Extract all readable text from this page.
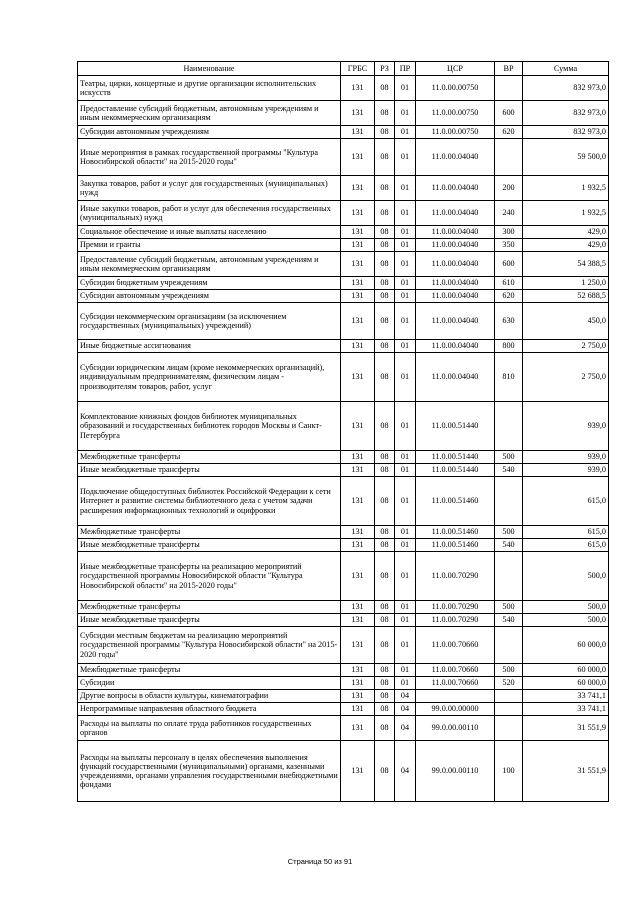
Наименование	ГРБС	РЗ	ПР	ЦСР	ВР	Сумма
Театры, цирки, концертные и другие организации исполнительских искусств	131	08	01	11.0.00.00750		832 973,0
Предоставление субсидий бюджетным, автономным учреждениям и иным некоммерческим организациям	131	08	01	11.0.00.00750	600	832 973,0
Субсидии автономным учреждениям	131	08	01	11.0.00.00750	620	832 973,0
Иные мероприятия в рамках государственной программы "Культура Новосибирской области" на 2015-2020 годы"	131	08	01	11.0.00.04040		59 500,0
Закупка товаров, работ и услуг для государственных (муниципальных) нужд	131	08	01	11.0.00.04040	200	1 932,5
Иные закупки товаров, работ и услуг для обеспечения государственных (муниципальных) нужд	131	08	01	11.0.00.04040	240	1 932,5
Социальное обеспечение и иные выплаты населению	131	08	01	11.0.00.04040	300	429,0
Премии и гранты	131	08	01	11.0.00.04040	350	429,0
Предоставление субсидий бюджетным, автономным учреждениям и иным некоммерческим организациям	131	08	01	11.0.00.04040	600	54 388,5
Субсидии бюджетным учреждениям	131	08	01	11.0.00.04040	610	1 250,0
Субсидии автономным учреждениям	131	08	01	11.0.00.04040	620	52 688,5
Субсидии некоммерческим организациям (за исключением государственных (муниципальных) учреждений)	131	08	01	11.0.00.04040	630	450,0
Иные бюджетные ассигнования	131	08	01	11.0.00.04040	800	2 750,0
Субсидии юридическим лицам (кроме некоммерческих организаций), индивидуальным предпринимателям, физическим лицам - производителям товаров, работ, услуг	131	08	01	11.0.00.04040	810	2 750,0
Комплектование книжных фондов библиотек муниципальных образований и государственных библиотек городов Москвы и Санкт-Петербурга	131	08	01	11.0.00.51440		939,0
Межбюджетные трансферты	131	08	01	11.0.00.51440	500	939,0
Иные межбюджетные трансферты	131	08	01	11.0.00.51440	540	939,0
Подключение общедоступных библиотек Российской Федерации к сети Интернет и развитие системы библиотечного дела с учетом задачи расширения информационных технологий и оцифровки	131	08	01	11.0.00.51460		615,0
Межбюджетные трансферты	131	08	01	11.0.00.51460	500	615,0
Иные межбюджетные трансферты	131	08	01	11.0.00.51460	540	615,0
Иные межбюджетные трансферты на реализацию мероприятий государственной программы Новосибирской области "Культура Новосибирской области" на 2015-2020 годы"	131	08	01	11.0.00.70290		500,0
Межбюджетные трансферты	131	08	01	11.0.00.70290	500	500,0
Иные межбюджетные трансферты	131	08	01	11.0.00.70290	540	500,0
Субсидии местным бюджетам на реализацию мероприятий государственной программы "Культура Новосибирской области" на 2015-2020 годы"	131	08	01	11.0.00.70660		60 000,0
Межбюджетные трансферты	131	08	01	11.0.00.70660	500	60 000,0
Субсидии	131	08	01	11.0.00.70660	520	60 000,0
Другие вопросы в области культуры, кинематографии	131	08	04			33 741,1
Непрограммные направления областного бюджета	131	08	04	99.0.00.00000		33 741,1
Расходы на выплаты по оплате труда работников государственных органов	131	08	04	99.0.00.00110		31 551,9
Расходы на выплаты персоналу в целях обеспечения выполнения функций государственными (муниципальными) органами, казенными учреждениями, органами управления государственными внебюджетными фондами	131	08	04	99.0.00.00110	100	31 551,9
Страница 50 из 91
